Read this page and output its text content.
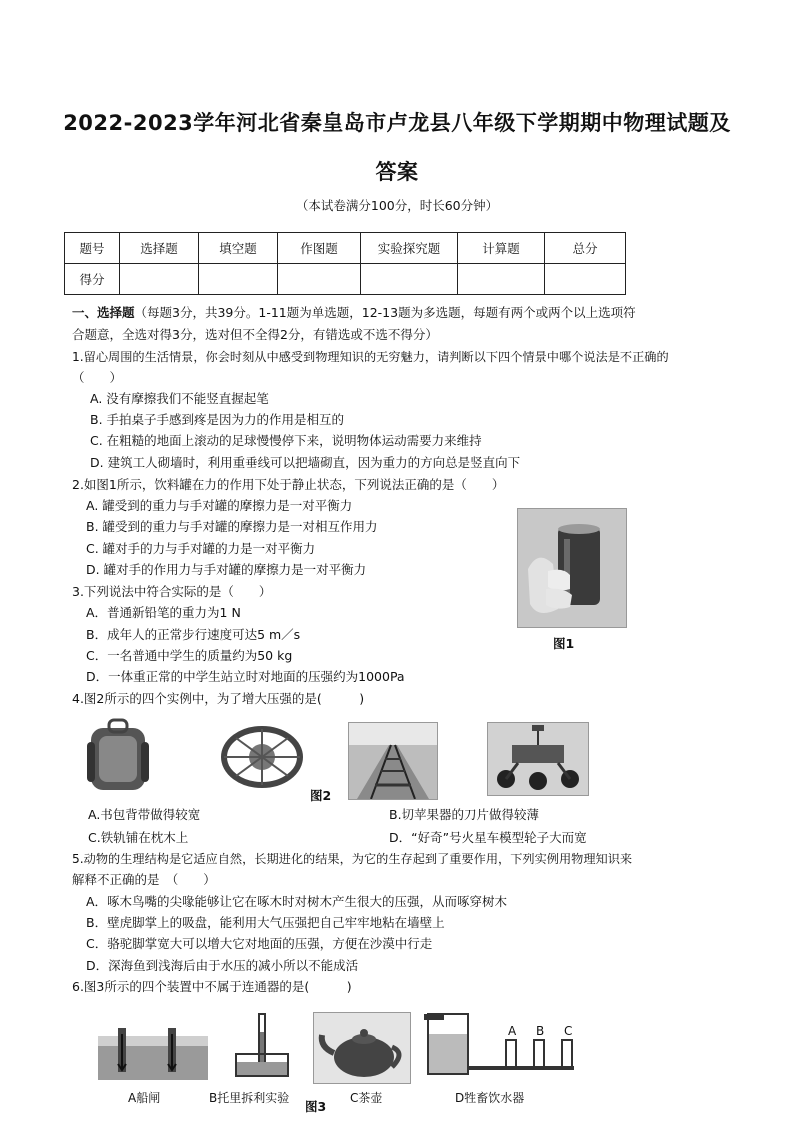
2022-2023学年河北省秦皇岛市卢龙县八年级下学期期中物理试题及
答案
（本试卷满分100分，时长60分钟）
题号	选择题	填空题	作图题	实验探究题	计算题	总分
得分						
一、选择题（每题3分，共39分。1-11题为单选题，12-13题为多选题，每题有两个或两个以上选项符
合题意，全选对得3分，选对但不全得2分，有错选或不选不得分）
1.留心周围的生活情景，你会时刻从中感受到物理知识的无穷魅力，请判断以下四个情景中哪个说法是不正确的
（　　）
A. 没有摩擦我们不能竖直握起笔
B. 手拍桌子手感到疼是因为力的作用是相互的
C. 在粗糙的地面上滚动的足球慢慢停下来，说明物体运动需要力来维持
D. 建筑工人砌墙时，利用重垂线可以把墙砌直，因为重力的方向总是竖直向下
2.如图1所示，饮料罐在力的作用下处于静止状态，下列说法正确的是（　　）
A. 罐受到的重力与手对罐的摩擦力是一对平衡力
B. 罐受到的重力与手对罐的摩擦力是一对相互作用力
C. 罐对手的力与手对罐的力是一对平衡力
D. 罐对手的作用力与手对罐的摩擦力是一对平衡力
图1
3.下列说法中符合实际的是（　　）
A．普通新铅笔的重力为1 N
B．成年人的正常步行速度可达5 m／s
C．一名普通中学生的质量约为50 kg
D．一体重正常的中学生站立时对地面的压强约为1000Pa
4.图2所示的四个实例中，为了增大压强的是(　　　)
图2
A.书包背带做得较宽	B.切苹果器的刀片做得较薄
C.铁轨铺在枕木上	D．“好奇”号火星车模型轮子大而宽
5.动物的生理结构是它适应自然，长期进化的结果，为它的生存起到了重要作用，下列实例用物理知识来
解释不正确的是　（　　）
A．啄木鸟嘴的尖喙能够让它在啄木时对树木产生很大的压强，从而啄穿树木
B．壁虎脚掌上的吸盘，能利用大气压强把自己牢牢地粘在墙壁上
C．骆驼脚掌宽大可以增大它对地面的压强，方便在沙漠中行走
D．深海鱼到浅海后由于水压的减小所以不能成活
6.图3所示的四个装置中不属于连通器的是(　　　)
A B C
A船闸	B托里拆利实验
图3
C茶壶	D牲畜饮水器
